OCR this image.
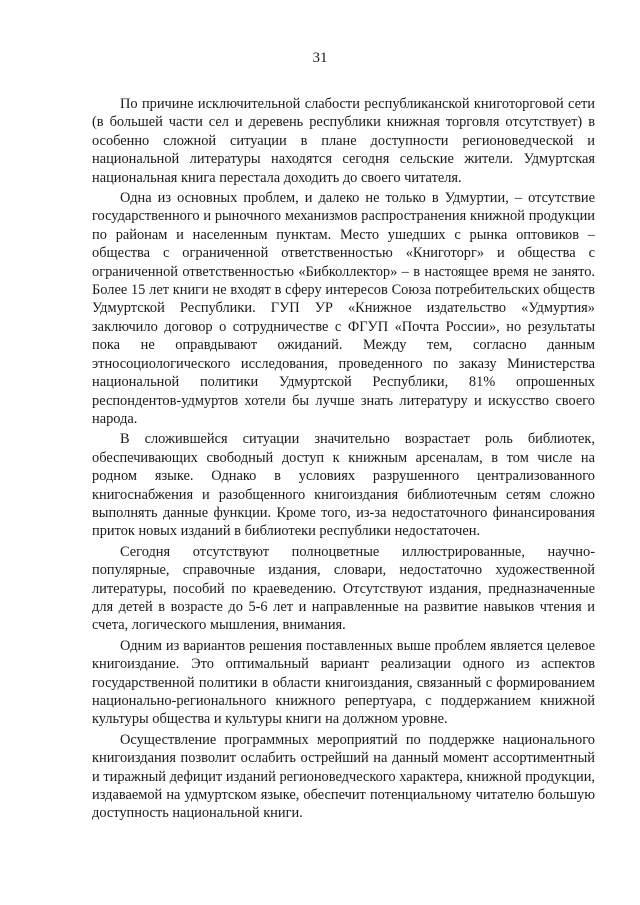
31

По причине исключительной слабости республиканской книготорговой сети (в большей части сел и деревень республики книжная торговля отсутствует) в особенно сложной ситуации в плане доступности регионоведческой и национальной литературы находятся сегодня сельские жители. Удмуртская национальная книга перестала доходить до своего читателя.

Одна из основных проблем, и далеко не только в Удмуртии, – отсутствие государственного и рыночного механизмов распространения книжной продукции по районам и населенным пунктам. Место ушедших с рынка оптовиков – общества с ограниченной ответственностью «Книготорг» и общества с ограниченной ответственностью «Бибколлектор» – в настоящее время не занято. Более 15 лет книги не входят в сферу интересов Союза потребительских обществ Удмуртской Республики. ГУП УР «Книжное издательство «Удмуртия» заключило договор о сотрудничестве с ФГУП «Почта России», но результаты пока не оправдывают ожиданий. Между тем, согласно данным этносоциологического исследования, проведенного по заказу Министерства национальной политики Удмуртской Республики, 81% опрошенных респондентов-удмуртов хотели бы лучше знать литературу и искусство своего народа.

В сложившейся ситуации значительно возрастает роль библиотек, обеспечивающих свободный доступ к книжным арсеналам, в том числе на родном языке. Однако в условиях разрушенного централизованного книгоснабжения и разобщенного книгоиздания библиотечным сетям сложно выполнять данные функции. Кроме того, из-за недостаточного финансирования приток новых изданий в библиотеки республики недостаточен.

Сегодня отсутствуют полноцветные иллюстрированные, научно-популярные, справочные издания, словари, недостаточно художественной литературы, пособий по краеведению. Отсутствуют издания, предназначенные для детей в возрасте до 5-6 лет и направленные на развитие навыков чтения и счета, логического мышления, внимания.

Одним из вариантов решения поставленных выше проблем является целевое книгоиздание. Это оптимальный вариант реализации одного из аспектов государственной политики в области книгоиздания, связанный с формированием национально-регионального книжного репертуара, с поддержанием книжной культуры общества и культуры книги на должном уровне.

Осуществление программных мероприятий по поддержке национального книгоиздания позволит ослабить острейший на данный момент ассортиментный и тиражный дефицит изданий регионоведческого характера, книжной продукции, издаваемой на удмуртском языке, обеспечит потенциальному читателю большую доступность национальной книги.
